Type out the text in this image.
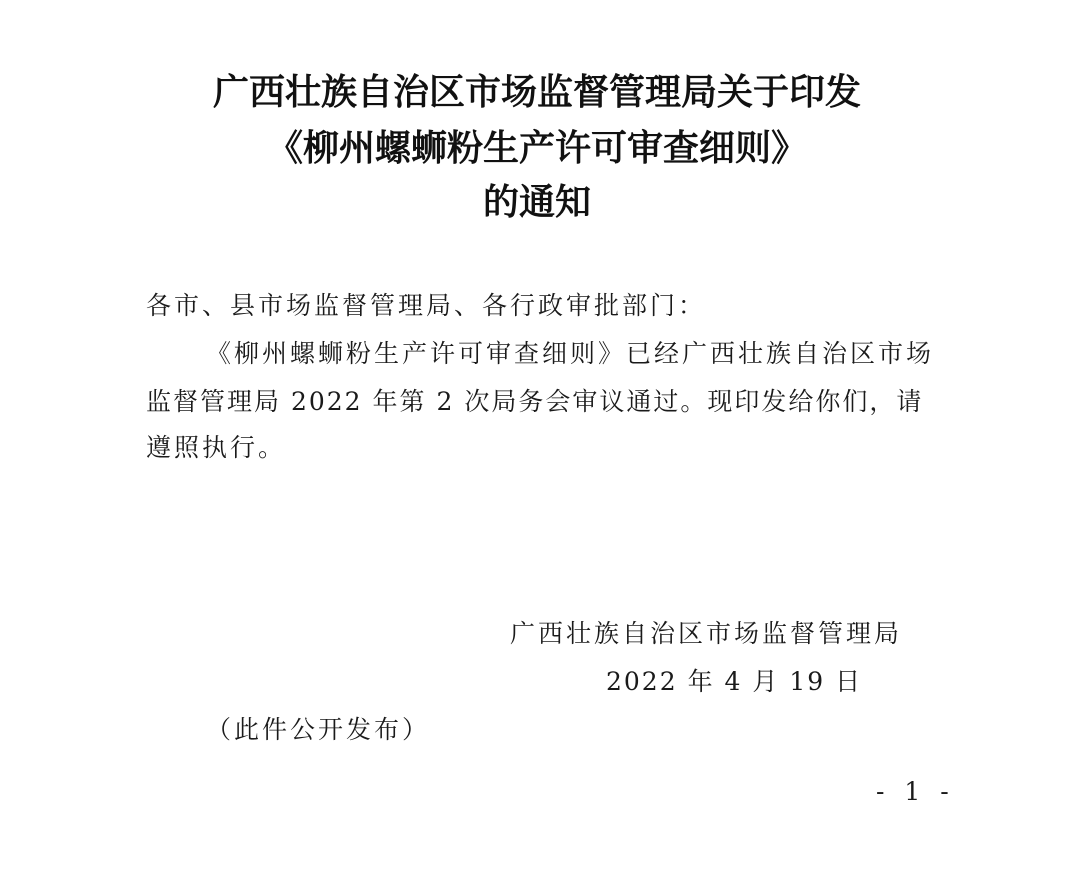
广西壮族自治区市场监督管理局关于印发
《柳州螺蛳粉生产许可审查细则》
的通知
各市、县市场监督管理局、各行政审批部门：
《柳州螺蛳粉生产许可审查细则》已经广西壮族自治区市场
监督管理局 2022 年第 2 次局务会审议通过。现印发给你们，请
遵照执行。
广西壮族自治区市场监督管理局
2022 年 4 月 19 日
（此件公开发布）
- 1 -
